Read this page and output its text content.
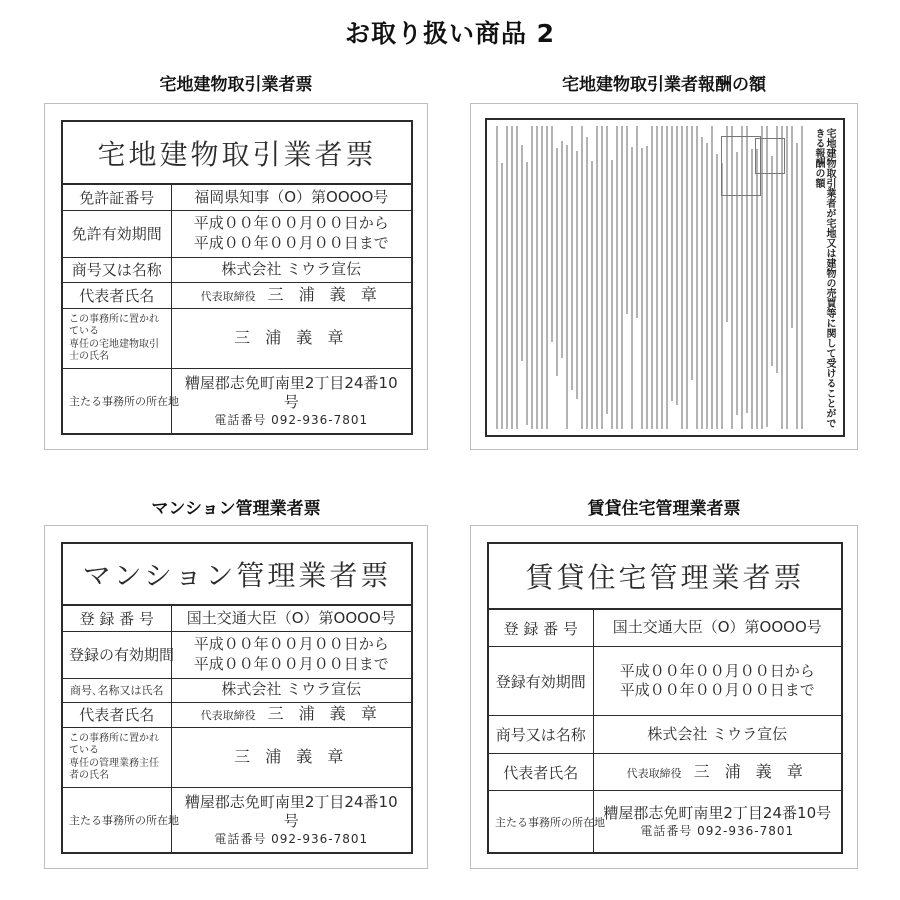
お取り扱い商品 2
宅地建物取引業者票
宅地建物取引業者票
免許証番号	福岡県知事（O）第OOOO号

免許有効期間	平成００年００月００日から
平成００年００月００日まで

商号又は名称	株式会社 ミウラ宣伝

代表者氏名	代表取締役 三 浦 義 章

この事務所に置かれている
専任の宅地建物取引士の氏名	三 浦 義 章
主たる事務所の所在地	糟屋郡志免町南里2丁目24番10号
電話番号 092-936-7801
宅地建物取引業者報酬の額
宅地建物取引業者が宅地又は建物の売買等に関して受けることができる報酬の額
マンション管理業者票
マンション管理業者票
登 録 番 号	国土交通大臣（O）第OOOO号

登録の有効期間	平成００年００月００日から
平成００年００月００日まで

商号､名称又は氏名	株式会社 ミウラ宣伝

代表者氏名	代表取締役 三 浦 義 章

この事務所に置かれている
専任の管理業務主任者の氏名	三 浦 義 章
主たる事務所の所在地	糟屋郡志免町南里2丁目24番10号
電話番号 092-936-7801
賃貸住宅管理業者票
賃貸住宅管理業者票
登 録 番 号	国土交通大臣（O）第OOOO号

登録有効期間	平成００年００月００日から
平成００年００月００日まで

商号又は名称	株式会社 ミウラ宣伝

代表者氏名	代表取締役 三 浦 義 章
主たる事務所の所在地	糟屋郡志免町南里2丁目24番10号
電話番号 092-936-7801
